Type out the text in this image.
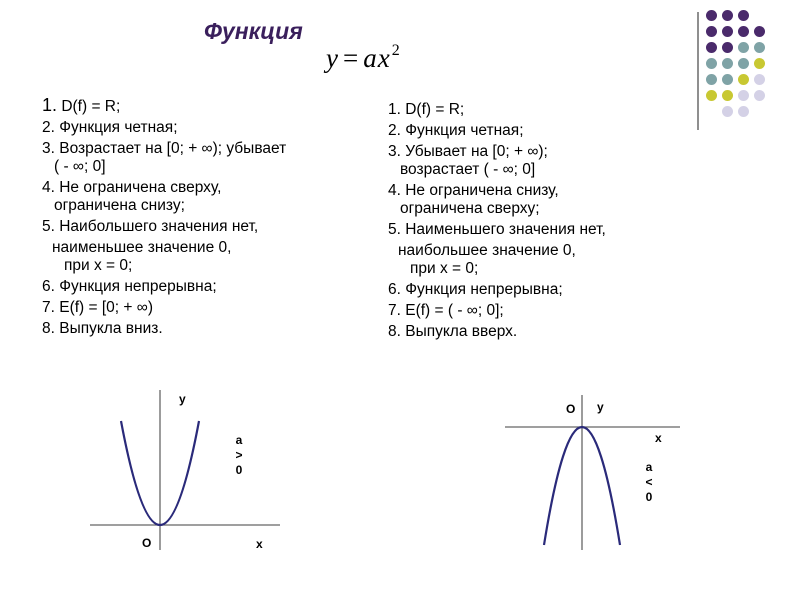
Функция
$y = ax^2$
1. D(f) = R;
2. Функция четная;
3. Возрастает на [0; + ∞); убывает
( - ∞; 0]
4. Не ограничена сверху,
ограничена снизу;
5. Наибольшего значения нет,
наименьшее значение 0,
при x = 0;
6. Функция непрерывна;
7. E(f) = [0; + ∞)
8. Выпукла вниз.
1. D(f) = R;
2. Функция четная;
3. Убывает на [0; + ∞);
возрастает ( - ∞; 0]
4. Не ограничена снизу,
ограничена сверху;
5. Наименьшего значения нет,
наибольшее значение 0,
при x = 0;
6. Функция непрерывна;
7. E(f) = ( - ∞; 0];
8. Выпукла вверх.
y
x
O
a
>
0
O y
x
a
<
0
